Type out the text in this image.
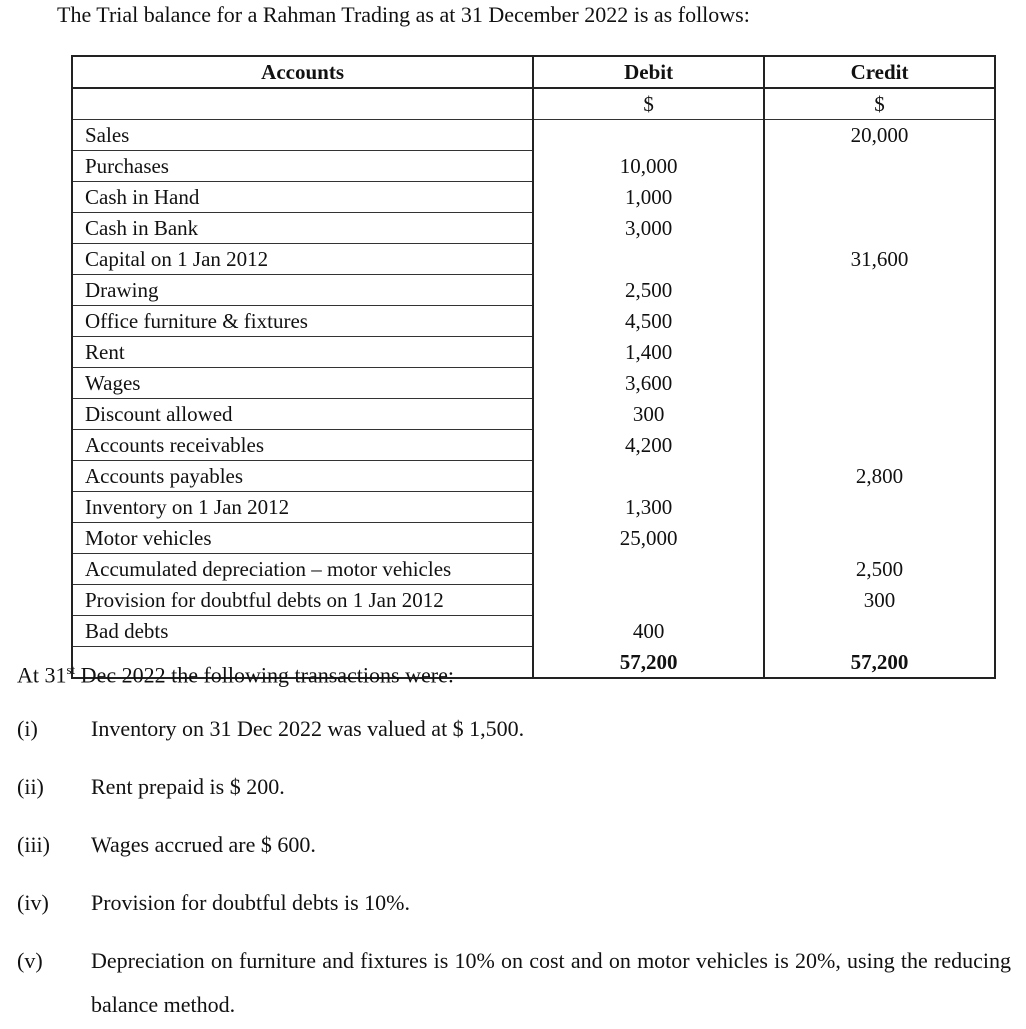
The Trial balance for a Rahman Trading as at 31 December 2022 is as follows:
Accounts	Debit	Credit
	$	$
Sales		20,000
Purchases	10,000	
Cash in Hand	1,000	
Cash in Bank	3,000	
Capital on 1 Jan 2012		31,600
Drawing	2,500	
Office furniture & fixtures	4,500	
Rent	1,400	
Wages	3,600	
Discount allowed	300	
Accounts receivables	4,200	
Accounts payables		2,800
Inventory on 1 Jan 2012	1,300	
Motor vehicles	25,000	
Accumulated depreciation – motor vehicles		2,500
Provision for doubtful debts on 1 Jan 2012		300
Bad debts	400	
	57,200	57,200
At 31st Dec 2022 the following transactions were:
(i)	Inventory on 31 Dec 2022 was valued at $ 1,500.
(ii)	Rent prepaid is $ 200.
(iii)	Wages accrued are $ 600.
(iv)	Provision for doubtful debts is 10%.
(v)	Depreciation on furniture and fixtures is 10% on cost and on motor vehicles is 20%, using the reducing balance method.
